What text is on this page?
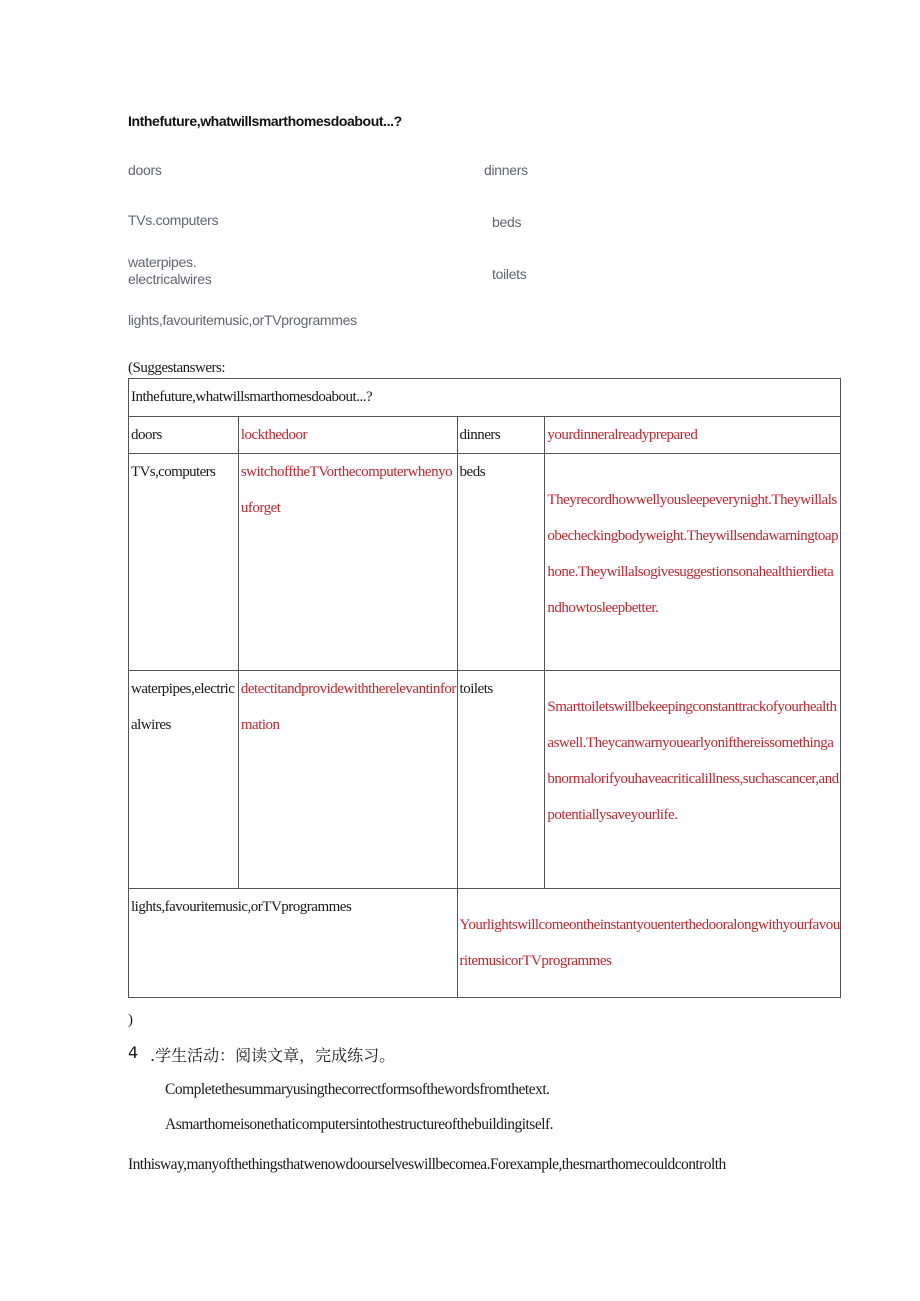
Inthefuture,whatwillsmarthomesdoabout...?
doors	dinners
TVs.computers	beds
waterpipes.
electricalwires	toilets
lights,favouritemusic,orTVprogrammes
(Suggestanswers:
Inthefuture,whatwillsmarthomesdoabout...?			
doors	lockthedoor	dinners	yourdinneralreadyprepared
TVs,computers	switchofftheTVorthecomputerwhenyouforget	beds	Theyrecordhowwellyousleepeverynight.Theywillalsobecheckingbodyweight.Theywillsendawarningtoaphone.Theywillalsogivesuggestionsonahealthierdietandhowtosleepbetter.
waterpipes,electricalwires	detectitandprovidewiththerelevantinformation	toilets	Smarttoiletswillbekeepingconstanttrackofyourhealthaswell.Theycanwarnyouearlyonifthereissomethingabnormalorifyouhaveacriticalillness,suchascancer,andpotentiallysaveyourlife.
lights,favouritemusic,orTVprogrammes		YourlightswillcomeontheinstantyouenterthedooralongwithyourfavouritemusicorTVprogrammes	
)
4 .学生活动：阅读文章，完成练习。
Completethesummaryusingthecorrectformsofthewordsfromthetext.
Asmarthomeisonethaticomputersintothestructureofthebuildingitself.
Inthisway,manyofthethingsthatwenowdoourselveswillbecomea.Forexample,thesmarthomecouldcontrolth
